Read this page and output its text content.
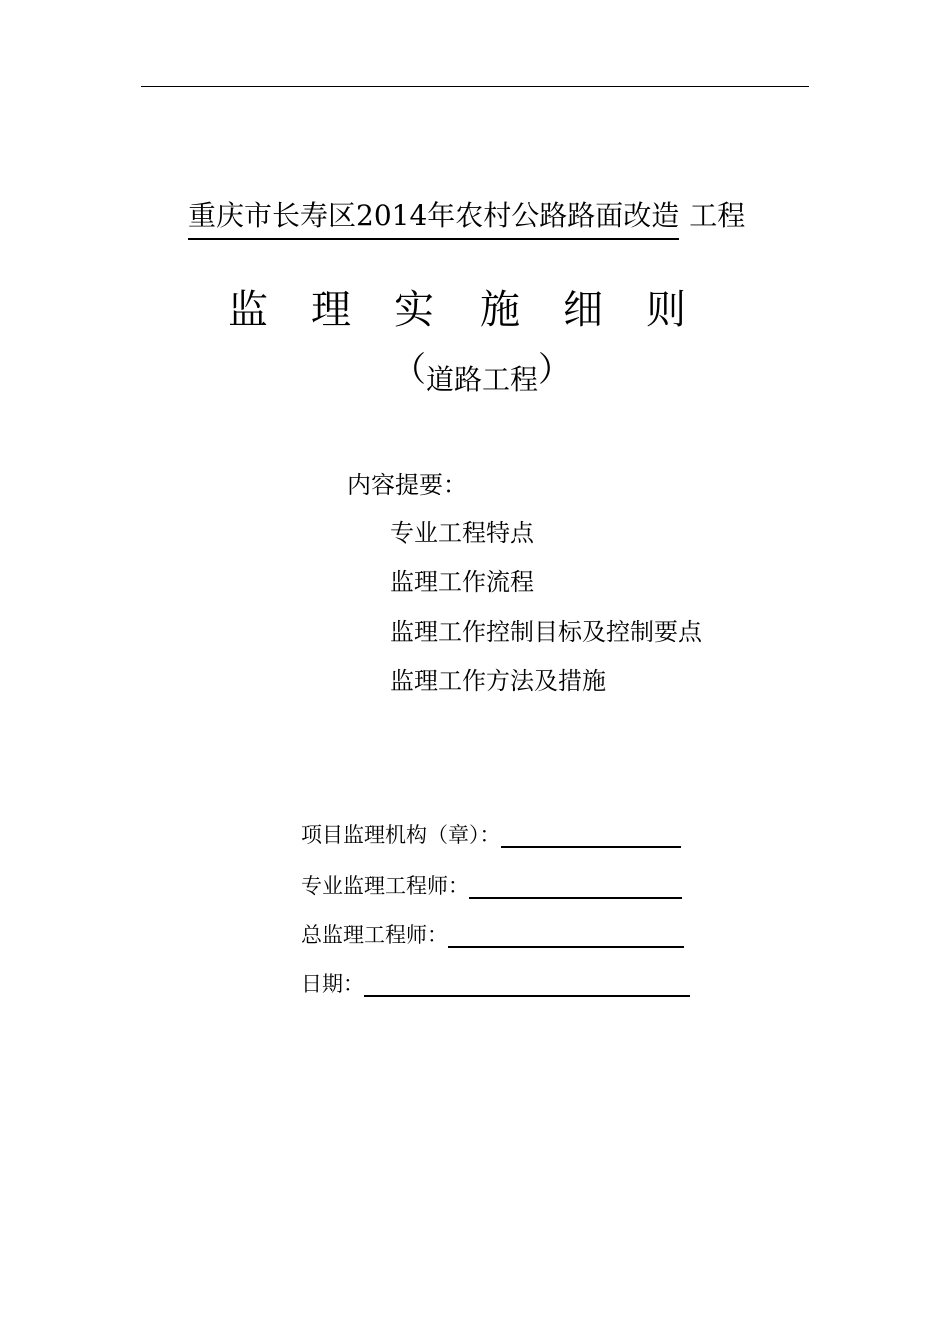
重庆市长寿区2014年农村公路路面改造 工程
监 理 实 施 细 则
（道路工程）
内容提要：
专业工程特点
监理工作流程
监理工作控制目标及控制要点
监理工作方法及措施
项目监理机构（章）：
专业监理工程师：
总监理工程师：
日期：
